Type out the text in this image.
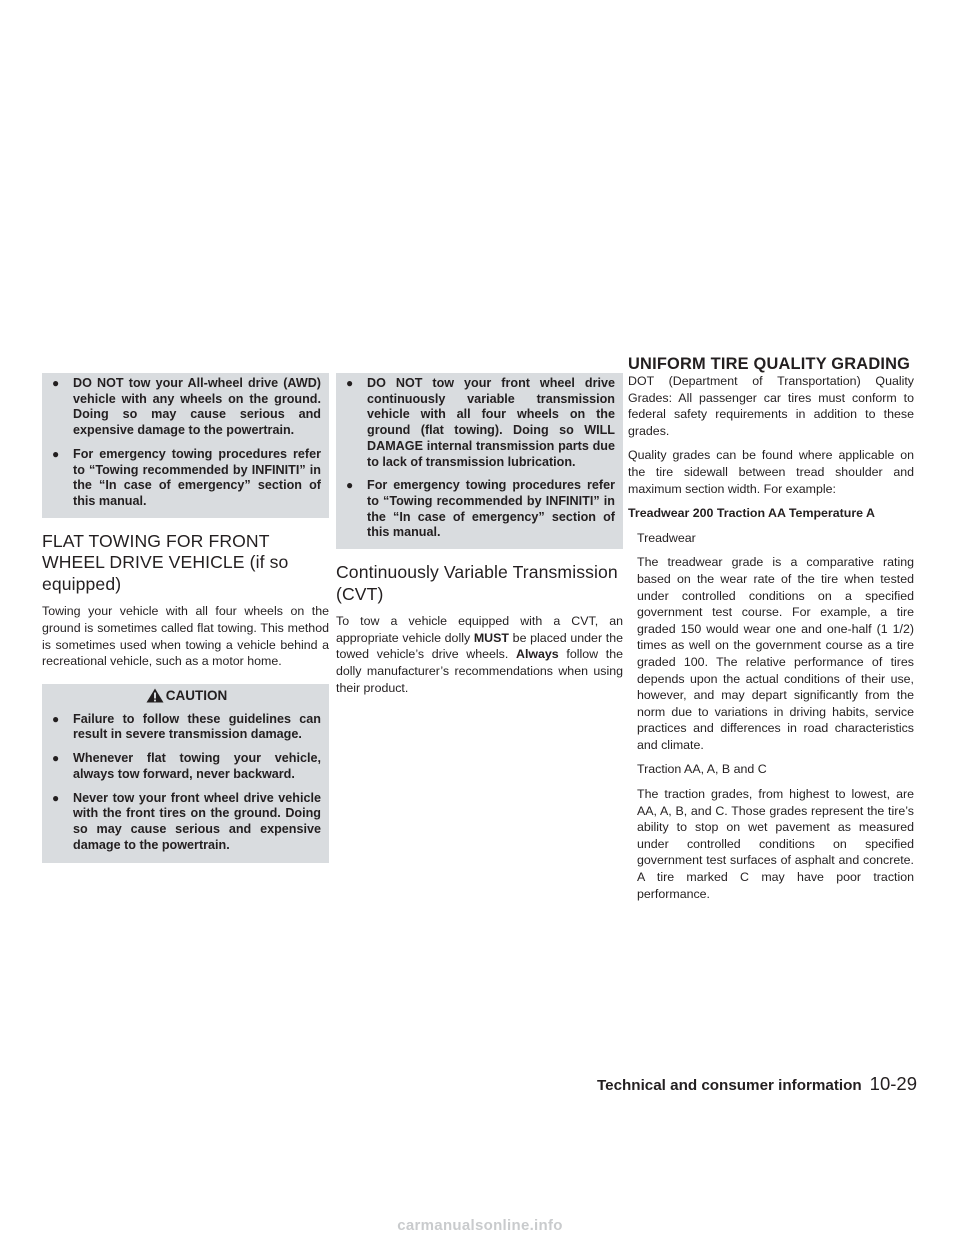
UNIFORM TIRE QUALITY GRADING
●	DO NOT tow your All-wheel drive (AWD) vehicle with any wheels on the ground. Doing so may cause serious and expensive damage to the powertrain.
●	For emergency towing procedures refer to “Towing recommended by INFINITI” in the “In case of emergency” section of this manual.
FLAT TOWING FOR FRONT WHEEL DRIVE VEHICLE (if so equipped)

Towing your vehicle with all four wheels on the ground is sometimes called flat towing. This method is sometimes used when towing a vehicle behind a recreational vehicle, such as a motor home.

CAUTION
●	Failure to follow these guidelines can result in severe transmission damage.
●	Whenever flat towing your vehicle, always tow forward, never backward.
●	Never tow your front wheel drive vehicle with the front tires on the ground. Doing so may cause serious and expensive damage to the powertrain.
●	DO NOT tow your front wheel drive continuously variable transmission vehicle with all four wheels on the ground (flat towing). Doing so WILL DAMAGE internal transmission parts due to lack of transmission lubrication.
●	For emergency towing procedures refer to “Towing recommended by INFINITI” in the “In case of emergency” section of this manual.
Continuously Variable Transmission (CVT)

To tow a vehicle equipped with a CVT, an appropriate vehicle dolly MUST be placed under the towed vehicle’s drive wheels. Always follow the dolly manufacturer’s recommendations when using their product.

DOT (Department of Transportation) Quality Grades: All passenger car tires must conform to federal safety requirements in addition to these grades.

Quality grades can be found where applicable on the tire sidewall between tread shoulder and maximum section width. For example:

Treadwear 200 Traction AA Temperature A

Treadwear

The treadwear grade is a comparative rating based on the wear rate of the tire when tested under controlled conditions on a specified government test course. For example, a tire graded 150 would wear one and one-half (1 1/2) times as well on the government course as a tire graded 100. The relative performance of tires depends upon the actual conditions of their use, however, and may depart significantly from the norm due to variations in driving habits, service practices and differences in road characteristics and climate.

Traction AA, A, B and C

The traction grades, from highest to lowest, are AA, A, B, and C. Those grades represent the tire’s ability to stop on wet pavement as measured under controlled conditions on specified government test surfaces of asphalt and concrete. A tire marked C may have poor traction performance.

Technical and consumer information 10-29
carmanualsonline.info
